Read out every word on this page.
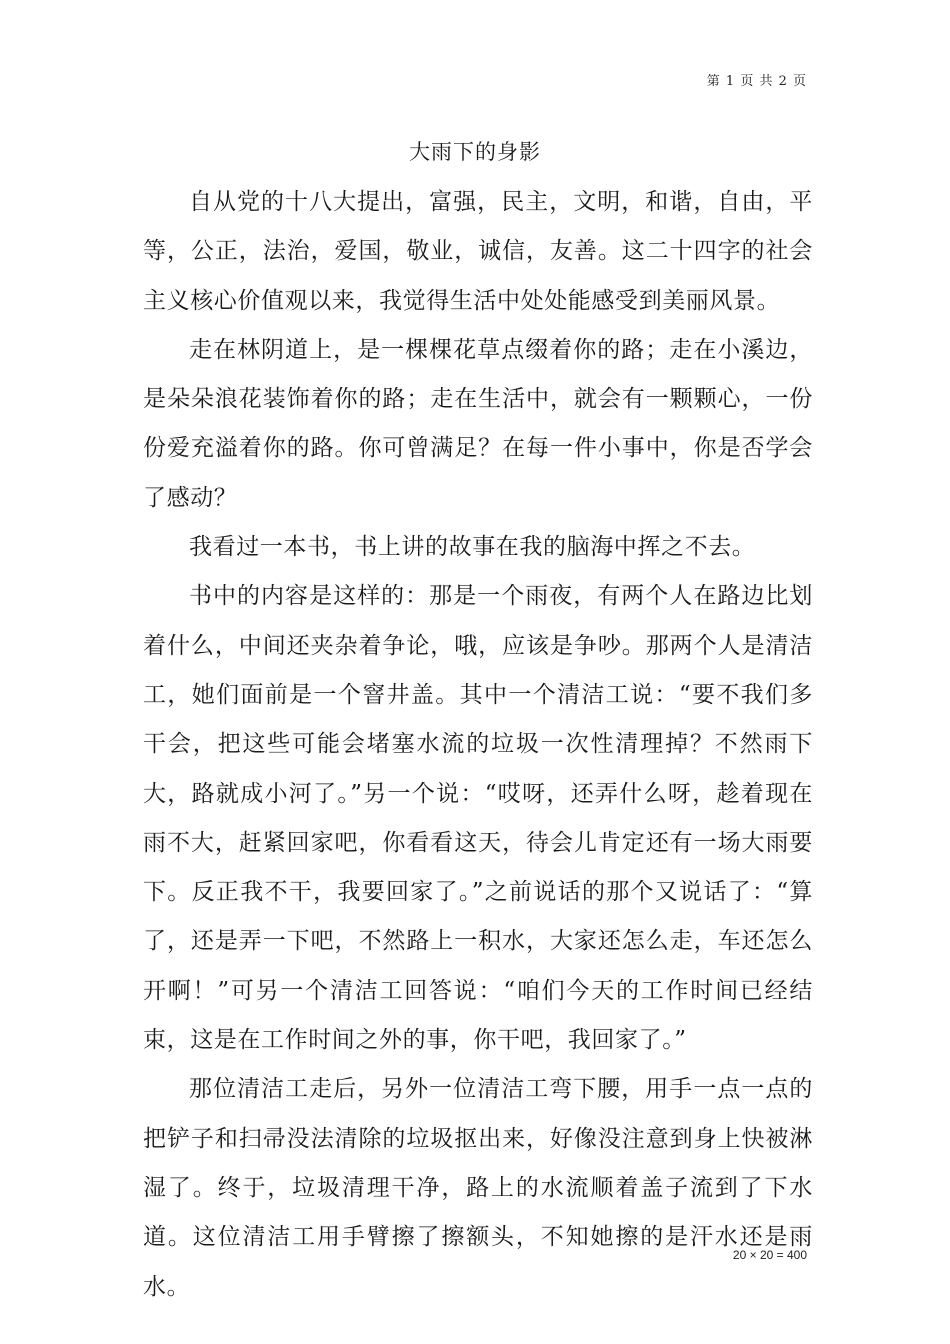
第 1 页 共 2 页
大雨下的身影

自从党的十八大提出，富强，民主，文明，和谐，自由，平等，公正，法治，爱国，敬业，诚信，友善。这二十四字的社会主义核心价值观以来，我觉得生活中处处能感受到美丽风景。

走在林阴道上，是一棵棵花草点缀着你的路；走在小溪边，是朵朵浪花装饰着你的路；走在生活中，就会有一颗颗心，一份份爱充溢着你的路。你可曾满足？在每一件小事中，你是否学会了感动？

我看过一本书，书上讲的故事在我的脑海中挥之不去。

书中的内容是这样的：那是一个雨夜，有两个人在路边比划着什么，中间还夹杂着争论，哦，应该是争吵。那两个人是清洁工，她们面前是一个窨井盖。其中一个清洁工说：“要不我们多干会，把这些可能会堵塞水流的垃圾一次性清理掉？不然雨下大，路就成小河了。”另一个说：“哎呀，还弄什么呀，趁着现在雨不大，赶紧回家吧，你看看这天，待会儿肯定还有一场大雨要下。反正我不干，我要回家了。”之前说话的那个又说话了：“算了，还是弄一下吧，不然路上一积水，大家还怎么走，车还怎么开啊！”可另一个清洁工回答说：“咱们今天的工作时间已经结束，这是在工作时间之外的事，你干吧，我回家了。”

那位清洁工走后，另外一位清洁工弯下腰，用手一点一点的把铲子和扫帚没法清除的垃圾抠出来，好像没注意到身上快被淋湿了。终于，垃圾清理干净，路上的水流顺着盖子流到了下水道。这位清洁工用手臂擦了擦额头，不知她擦的是汗水还是雨水。

20 × 20 = 400
